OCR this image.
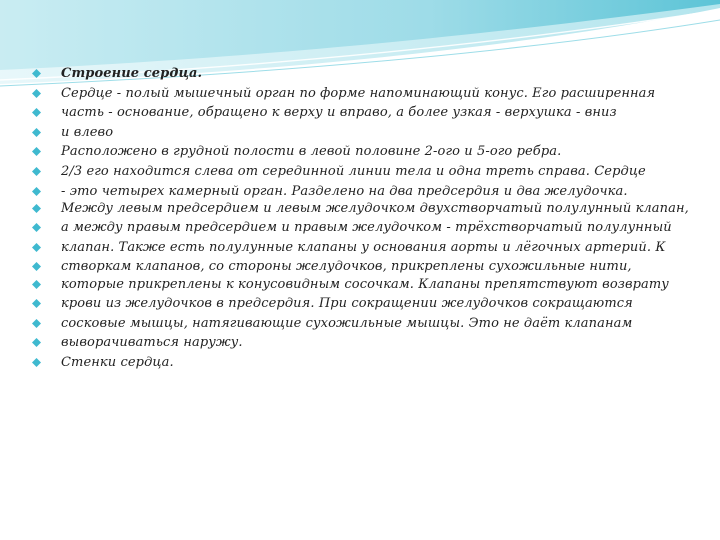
Строение сердца.
Сердце - полый мышечный орган по форме напоминающий конус. Его расширенная
часть - основание, обращено к верху и вправо, а более узкая - верхушка - вниз
и влево
Расположено в грудной полости в левой половине 2-ого и 5-ого ребра.
2/3 его находится слева от серединной линии тела и одна треть справа. Сердце
- это четырех камерный орган. Разделено на два предсердия и два желудочка.
Между левым предсердием и левым желудочком двухстворчатый полулунный клапан,
а между правым предсердием и правым желудочком - трёхстворчатый полулунный
клапан. Также есть полулунные клапаны у основания аорты и лёгочных артерий. К
створкам клапанов, со стороны желудочков, прикреплены сухожильные нити,
которые прикреплены к конусовидным сосочкам. Клапаны препятствуют возврату
крови из желудочков в предсердия. При сокращении желудочков сокращаются
сосковые мышцы, натягивающие сухожильные мышцы. Это не даёт клапанам
выворачиваться наружу.
Стенки сердца.
